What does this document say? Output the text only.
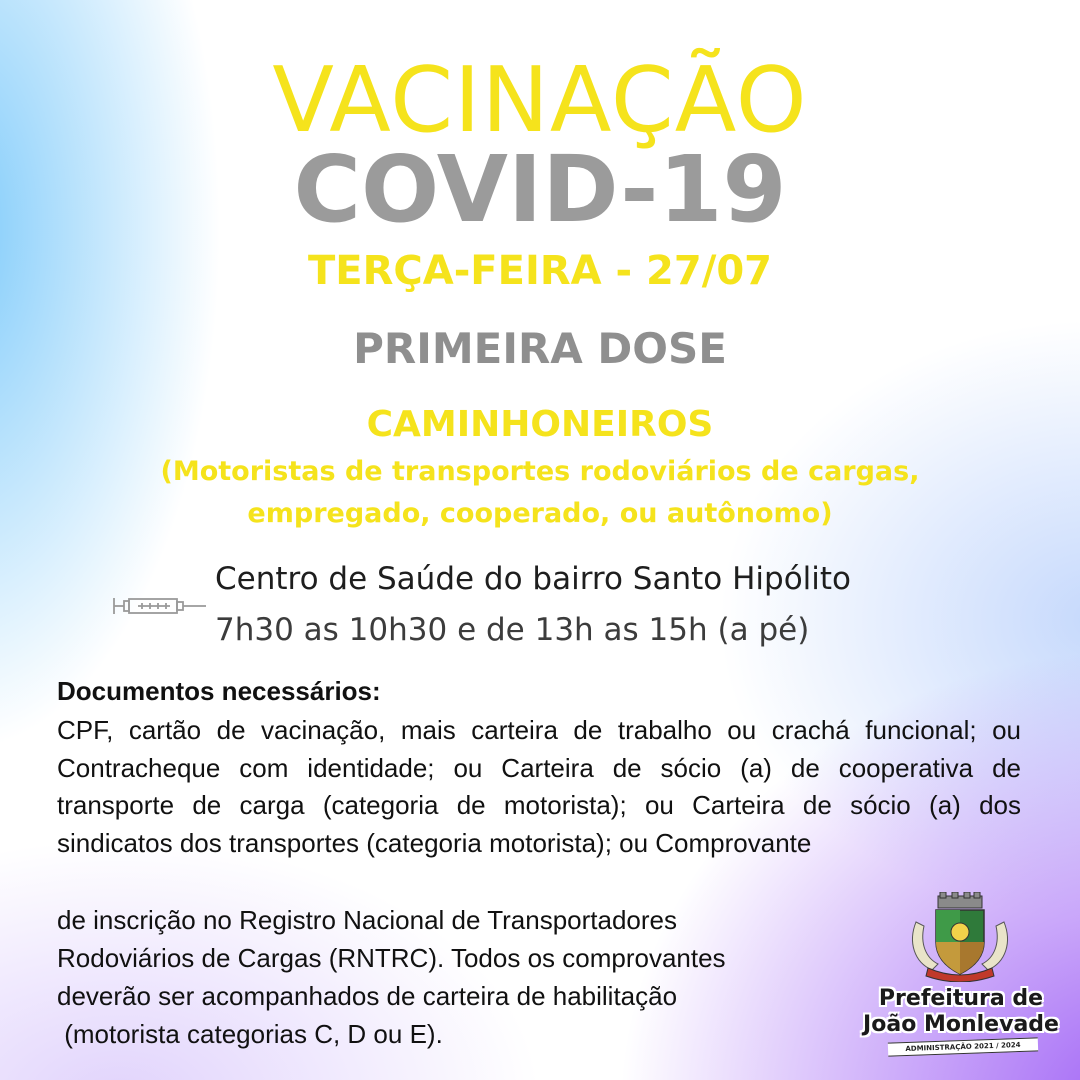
VACINAÇÃO
COVID-19
TERÇA-FEIRA - 27/07
PRIMEIRA DOSE
CAMINHONEIROS
(Motoristas de transportes rodoviários de cargas,
empregado, cooperado, ou autônomo)
Centro de Saúde do bairro Santo Hipólito
7h30 as 10h30 e de 13h as 15h (a pé)
Documentos necessários:
CPF, cartão de vacinação, mais carteira de trabalho ou crachá funcional; ou Contracheque com identidade; ou Carteira de sócio (a) de cooperativa de transporte de carga (categoria de motorista); ou Carteira de sócio (a) dos sindicatos dos transportes (categoria motorista); ou Comprovante
de inscrição no Registro Nacional de Transportadores
Rodoviários de Cargas (RNTRC). Todos os comprovantes
deverão ser acompanhados de carteira de habilitação
(motorista categorias C, D ou E).
Prefeitura de
João Monlevade
ADMINISTRAÇÃO 2021 / 2024
